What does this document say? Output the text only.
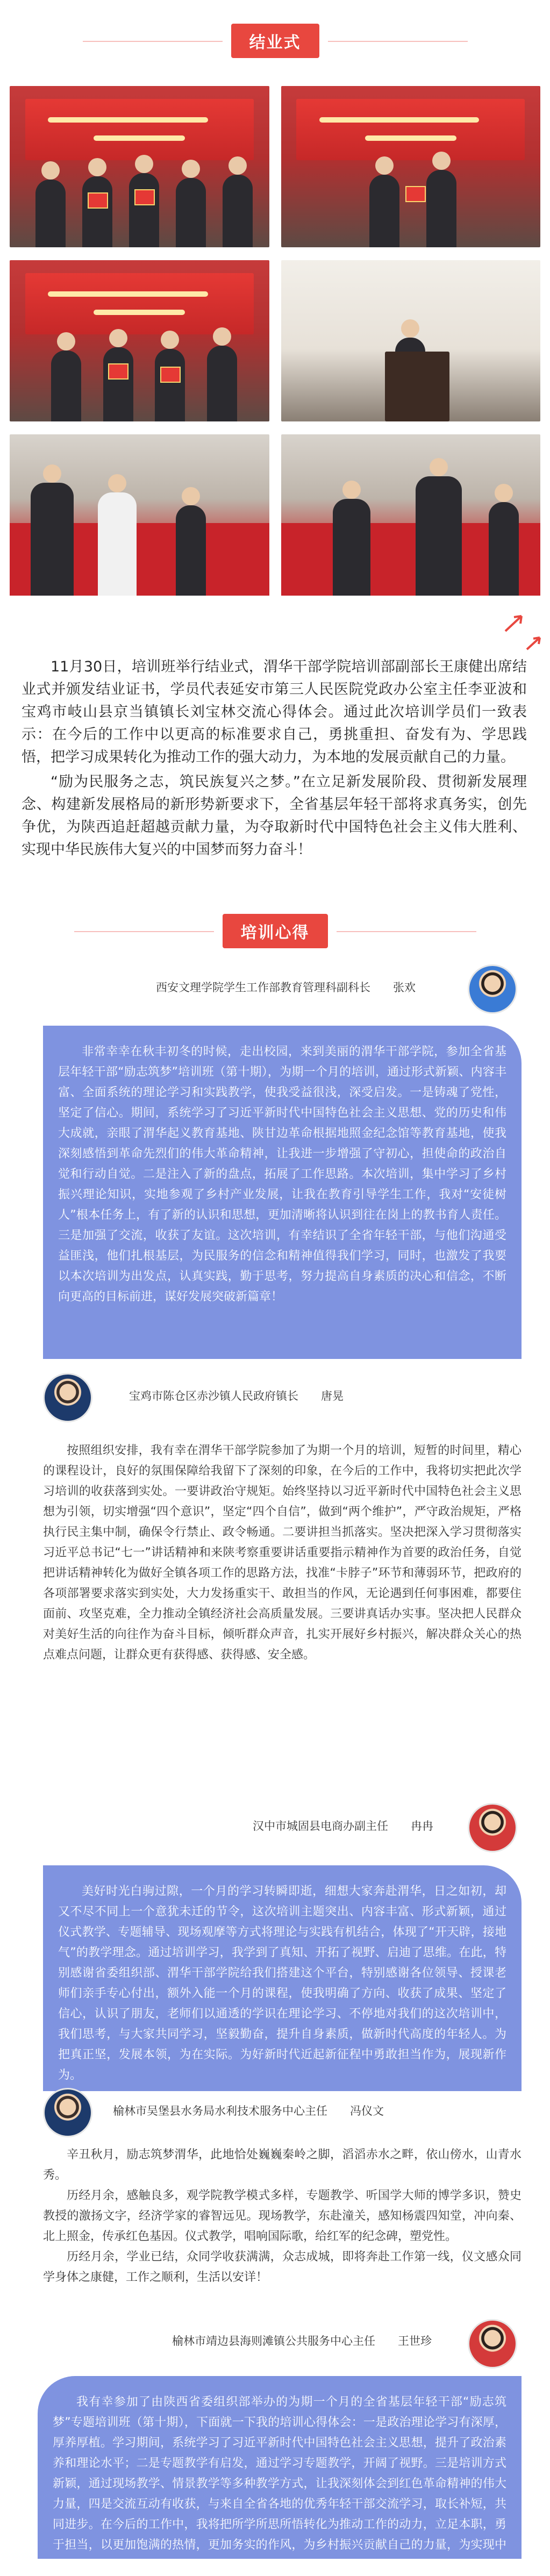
结业式

11月30日，培训班举行结业式，渭华干部学院培训部副部长王康健出席结业式并颁发结业证书，学员代表延安市第三人民医院党政办公室主任李亚波和宝鸡市岐山县京当镇镇长刘宝林交流心得体会。通过此次培训学员们一致表示：在今后的工作中以更高的标准要求自己，勇挑重担、奋发有为、学思践悟，把学习成果转化为推动工作的强大动力，为本地的发展贡献自己的力量。

“励为民服务之志，筑民族复兴之梦。”在立足新发展阶段、贯彻新发展理念、构建新发展格局的新形势新要求下，全省基层年轻干部将求真务实，创先争优，为陕西追赶超越贡献力量，为夺取新时代中国特色社会主义伟大胜利、实现中华民族伟大复兴的中国梦而努力奋斗！

培训心得
西安文理学院学生工作部教育管理科副科长　　张欢

非常幸幸在秋丰初冬的时候，走出校园，来到美丽的渭华干部学院，参加全省基层年轻干部“励志筑梦”培训班（第十期），为期一个月的培训，通过形式新颖、内容丰富、全面系统的理论学习和实践教学，使我受益很浅，深受启发。一是铸魂了党性，坚定了信心。期间，系统学习了习近平新时代中国特色社会主义思想、党的历史和伟大成就，亲眼了渭华起义教育基地、陕甘边革命根据地照金纪念馆等教育基地，使我深刻感悟到革命先烈们的伟大革命精神，让我进一步增强了守初心，担使命的政治自觉和行动自觉。二是注入了新的盘点，拓展了工作思路。本次培训，集中学习了乡村振兴理论知识，实地参观了乡村产业发展，让我在教育引导学生工作，我对“安徒树人”根本任务上，有了新的认识和思想，更加清晰将认识到往在岗上的教书育人责任。三是加强了交流，收获了友谊。这次培训，有幸结识了全省年轻干部，与他们沟通受益匪浅，他们扎根基层，为民服务的信念和精神值得我们学习，同时，也激发了我要以本次培训为出发点，认真实践，勤于思考，努力提高自身素质的决心和信念，不断向更高的目标前进，谋好发展突破新篇章！

宝鸡市陈仓区赤沙镇人民政府镇长　　唐晃

按照组织安排，我有幸在渭华干部学院参加了为期一个月的培训，短暂的时间里，精心的课程设计，良好的氛围保障给我留下了深刻的印象，在今后的工作中，我将切实把此次学习培训的收获落到实处。一要讲政治守规矩。始终坚持以习近平新时代中国特色社会主义思想为引领，切实增强“四个意识”，坚定“四个自信”，做到“两个维护”，严守政治规矩，严格执行民主集中制，确保令行禁止、政令畅通。二要讲担当抓落实。坚决把深入学习贯彻落实习近平总书记“七一”讲话精神和来陕考察重要讲话重要指示精神作为首要的政治任务，自觉把讲话精神转化为做好全镇各项工作的思路方法，找准“卡脖子”环节和薄弱环节，把政府的各项部署要求落实到实处，大力发扬重实干、敢担当的作风，无论遇到任何事困难，都要住面前、攻坚克难，全力推动全镇经济社会高质量发展。三要讲真话办实事。坚决把人民群众对美好生活的向往作为奋斗目标，倾听群众声音，扎实开展好乡村振兴，解决群众关心的热点难点问题，让群众更有获得感、获得感、安全感。

汉中市城固县电商办副主任　　冉冉

美好时光白驹过隙，一个月的学习转瞬即逝，细想大家奔赴渭华，日之如初，却又不尽不同上一个意犹未迁的节令，这次培训主题突出、内容丰富、形式新颖，通过仪式教学、专题辅导、现场观摩等方式将理论与实践有机结合，体现了“开天辟，接地气”的教学理念。通过培训学习，我学到了真知、开拓了视野、启迪了思维。在此，特别感谢省委组织部、渭华干部学院给我们搭建这个平台，特别感谢各位领导、授课老师们亲手专心付出，额外入能一个月的课程，使我明确了方向、收获了成果、坚定了信心，认识了朋友，老师们以通透的学识在理论学习、不停地对我们的这次培训中，我们思考，与大家共同学习，坚毅勤奋，提升自身素质，做新时代高度的年轻人。为把真正坚，发展本领，为在实际。为好新时代近起新征程中勇敢担当作为，展现新作为。

榆林市吴堡县水务局水利技术服务中心主任　　冯仪文

辛丑秋月，励志筑梦渭华，此地恰处巍巍秦岭之脚，滔滔赤水之畔，依山傍水，山青水秀。

历经月余，感触良多，观学院教学模式多样，专题教学、听国学大师的博学多识，赞史教授的激扬文字，经济学家的睿智远见。现场教学，东赴潼关，感知杨震四知堂，冲向秦、北上照金，传承红色基因。仪式教学，唱响国际歌，给红军的纪念碑，塑党性。

历经月余，学业已结，众同学收获满满，众志成城，即将奔赴工作第一线，仪文感众同学身体之康健，工作之顺利，生活以安详！

榆林市靖边县海则滩镇公共服务中心主任　　王世珍

我有幸参加了由陕西省委组织部举办的为期一个月的全省基层年轻干部“励志筑梦”专题培训班（第十期），下面就一下我的培训心得体会：一是政治理论学习有深厚，厚养厚植。学习期间，系统学习了习近平新时代中国特色社会主义思想，提升了政治素养和理论水平；二是专题教学有启发，通过学习专题教学，开阔了视野。三是培训方式新颖，通过现场教学、情景教学等多种教学方式，让我深刻体会到红色革命精神的伟大力量，四是交流互动有收获，与来自全省各地的优秀年轻干部交流学习，取长补短，共同进步。在今后的工作中，我将把所学所思所悟转化为推动工作的动力，立足本职，勇于担当，以更加饱满的热情，更加务实的作风，为乡村振兴贡献自己的力量，为实现中华民族伟大复兴的中国梦而努力奋斗。
